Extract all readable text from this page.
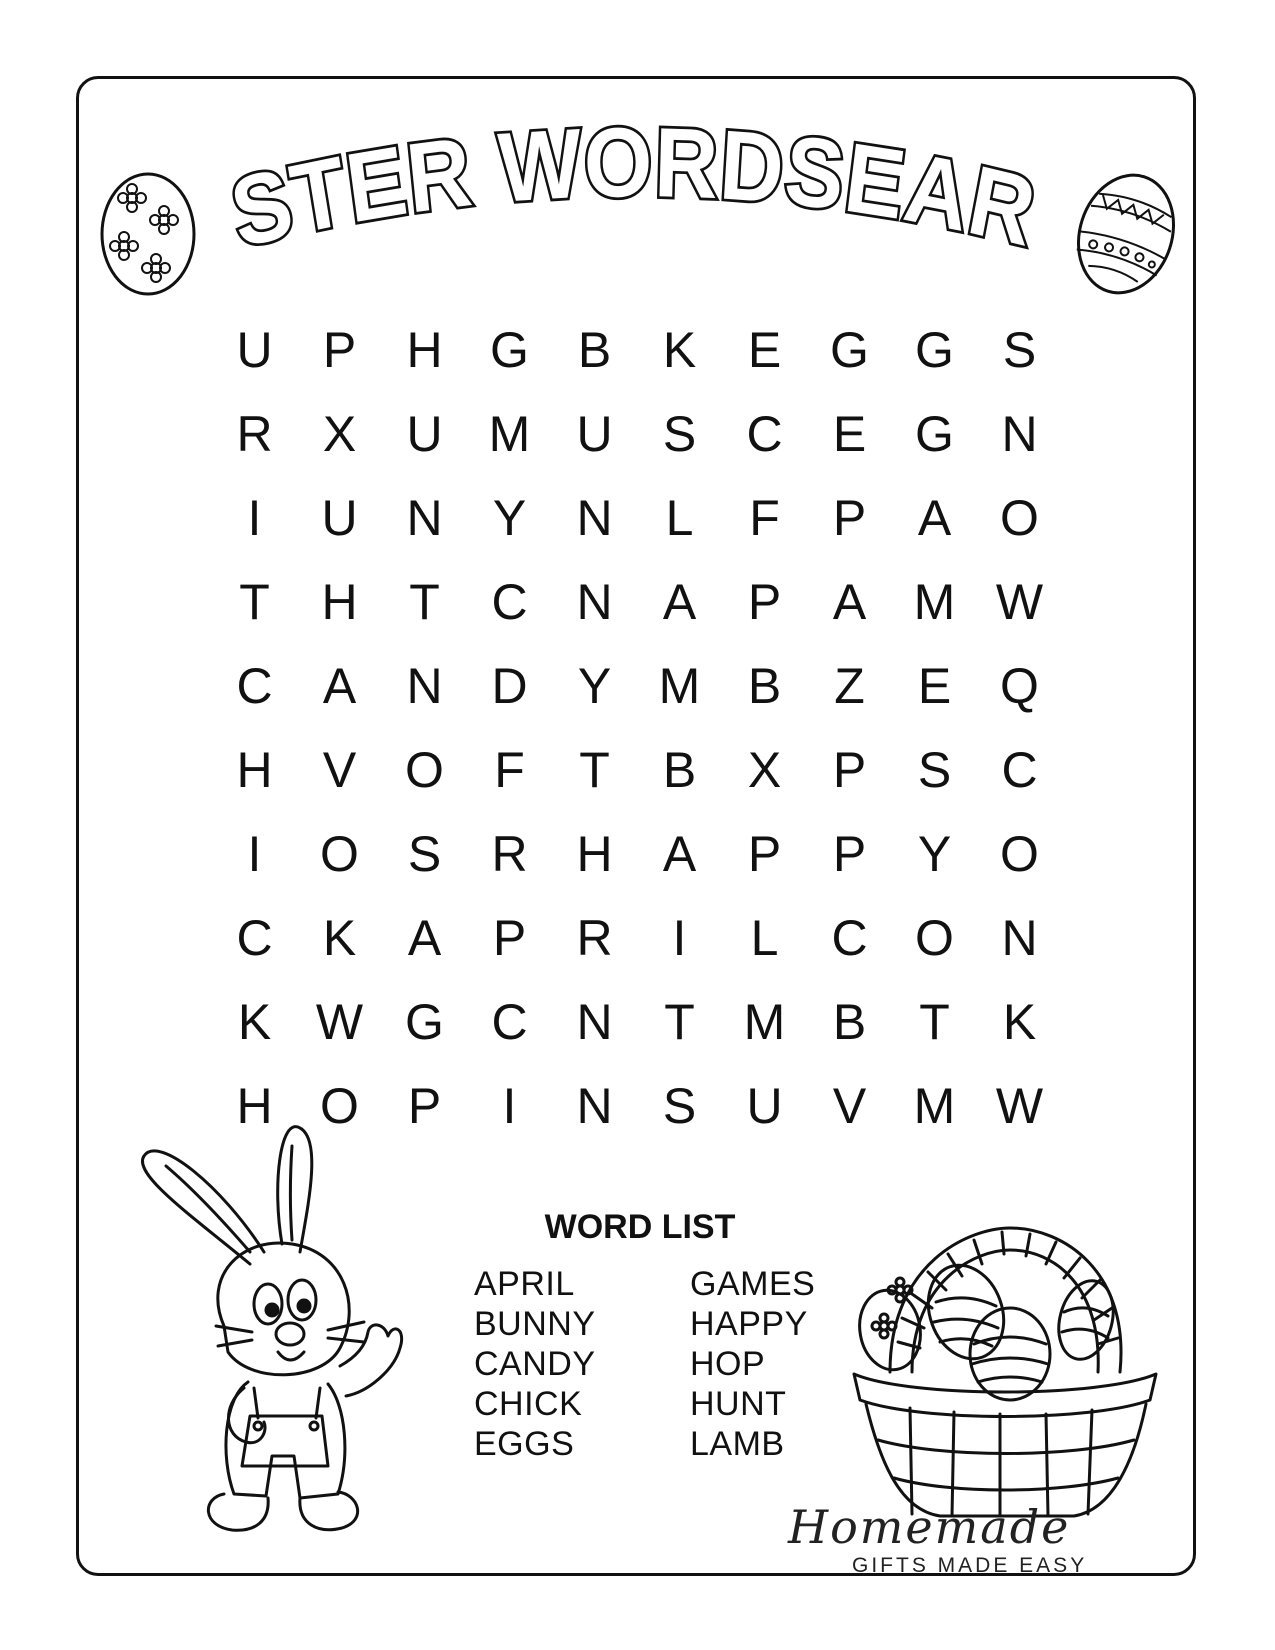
EASTER WORDSEARCH
U	P	H G B	K	E G G S
R	X	U M U	S	C	E G N
I	U N	Y	N	L	F	P	A O
T	H	T	C N	A	P	A M W
C	A	N D	Y M B	Z	E Q
H	V O	F	T	B	X	P	S	C
I	O S	R H	A	P	P	Y O
C	K	A	P	R	I	L	C O N
K W G C N	T M B	T	K
H O P	I	N	S	U	V M W
WORD LIST
APRIL
BUNNY
CANDY
CHICK
EGGS
GAMES
HAPPY
HOP
HUNT
LAMB
Homemade
GIFTS MADE EASY
